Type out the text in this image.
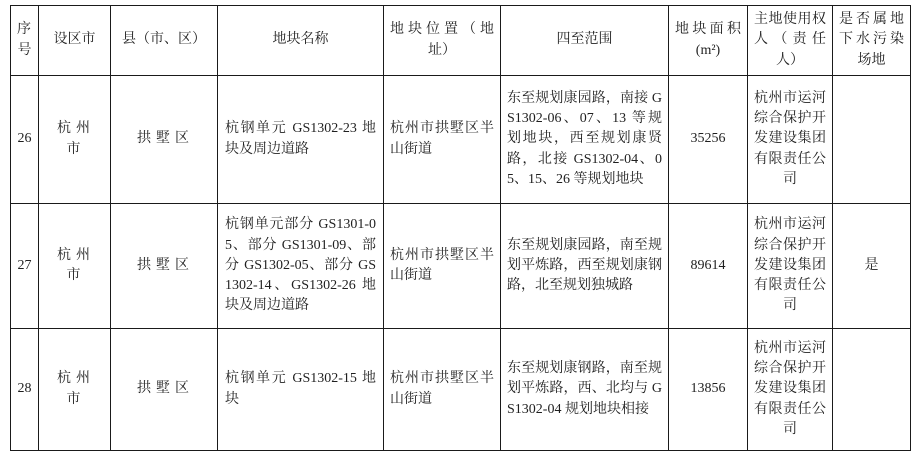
序号	设区市	县（市、区）	地块名称	地块位置（地址）	四至范围	地块面积(m²)	主地使用权人（责任人）	是否属地下水污染场地
26	杭州市	拱墅区	杭钢单元 GS1302-23 地块及周边道路	杭州市拱墅区半山街道	东至规划康园路，南接 GS1302-06、07、13 等规划地块，西至规划康贤路，北接 GS1302-04、05、15、26 等规划地块	35256	杭州市运河综合保护开发建设集团有限责任公司	
27	杭州市	拱墅区	杭钢单元部分 GS1301-05、部分 GS1301-09、部分 GS1302-05、部分 GS1302-14、GS1302-26 地块及周边道路	杭州市拱墅区半山街道	东至规划康园路，南至规划平炼路，西至规划康钢路，北至规划独城路	89614	杭州市运河综合保护开发建设集团有限责任公司	是
28	杭州市	拱墅区	杭钢单元 GS1302-15 地块	杭州市拱墅区半山街道	东至规划康钢路，南至规划平炼路，西、北均与 GS1302-04 规划地块相接	13856	杭州市运河综合保护开发建设集团有限责任公司	
